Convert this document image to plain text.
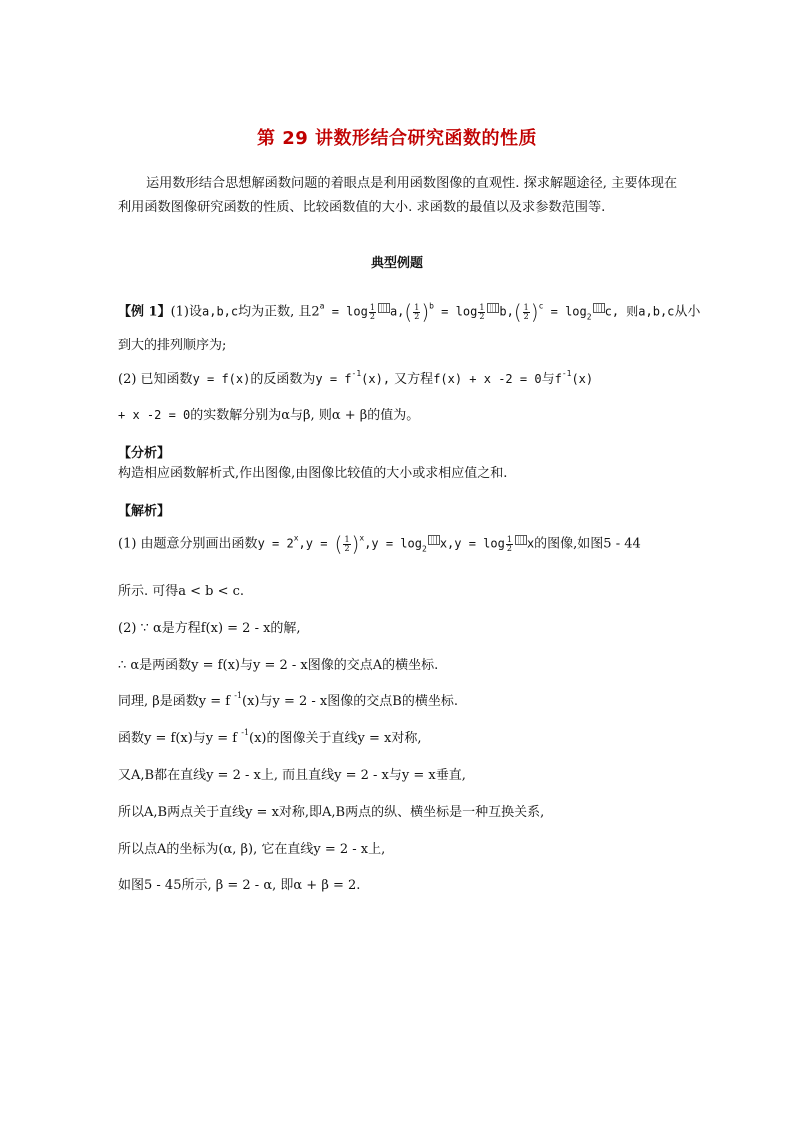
第 29 讲数形结合研究函数的性质
运用数形结合思想解函数问题的着眼点是利用函数图像的直观性. 探求解题途径, 主要体现在利用函数图像研究函数的性质、比较函数值的大小. 求函数的最值以及求参数范围等.
典型例题
【例 1】(1)设a,b,c均为正数, 且$2^a = \log \frac{1}{2} a,( \frac{1}{2} )^b = \log \frac{1}{2} b,( \frac{1}{2} )^c = \log_2 c$, 则a,b,c从小
到大的排列顺序为;
(2) 已知函数y = f(x)的反函数为$y = f^{-1}(x)$, 又方程f(x) + x -2 = 0与$f^{-1}(x)$
+ x -2 = 0的实数解分别为α与β, 则α + β的值为。
【分析】
构造相应函数解析式,作出图像,由图像比较值的大小或求相应值之和.
【解析】
(1) 由题意分别画出函数$y = 2^x,y$ = ( $\frac{1}{2} )^x,y = \log_2 x,y = \log \frac{1}{2}$ x的图像,如图5 - 44
所示. 可得a < b < c.
(2) ∵ α是方程f(x) = 2 - x的解,
∴ α是两函数y = f(x)与y = 2 - x图像的交点A的横坐标.
同理, β是函数y = f $^{-1}$(x)与y = 2 - x图像的交点B的横坐标.
函数y = f(x)与y = f $^{-1}$(x)的图像关于直线y = x对称,
又A,B都在直线y = 2 - x上, 而且直线y = 2 - x与y = x垂直,
所以A,B两点关于直线y = x对称,即A,B两点的纵、横坐标是一种互换关系,
所以点A的坐标为(α, β), 它在直线y = 2 - x上,
如图5 - 45所示, β = 2 - α, 即α + β = 2.
